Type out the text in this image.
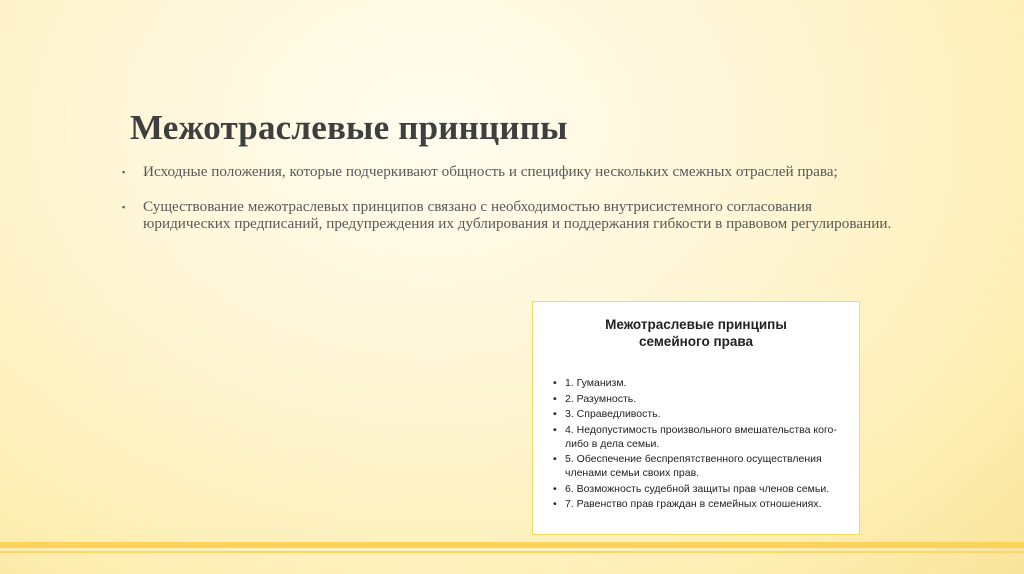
Межотраслевые принципы
▪ Исходные положения, которые подчеркивают общность и специфику нескольких смежных отраслей права;
▪ Существование межотраслевых принципов связано с необходимостью внутрисистемного согласования юридических предписаний, предупреждения их дублирования и поддержания гибкости в правовом регулировании.
Межотраслевые принципы
семейного права
• 1. Гуманизм.
• 2. Разумность.
• 3. Справедливость.
• 4. Недопустимость произвольного вмешательства кого-либо в дела семьи.
• 5. Обеспечение беспрепятственного осуществления членами семьи своих прав.
• 6. Возможность судебной защиты прав членов семьи.
• 7. Равенство прав граждан в семейных отношениях.
